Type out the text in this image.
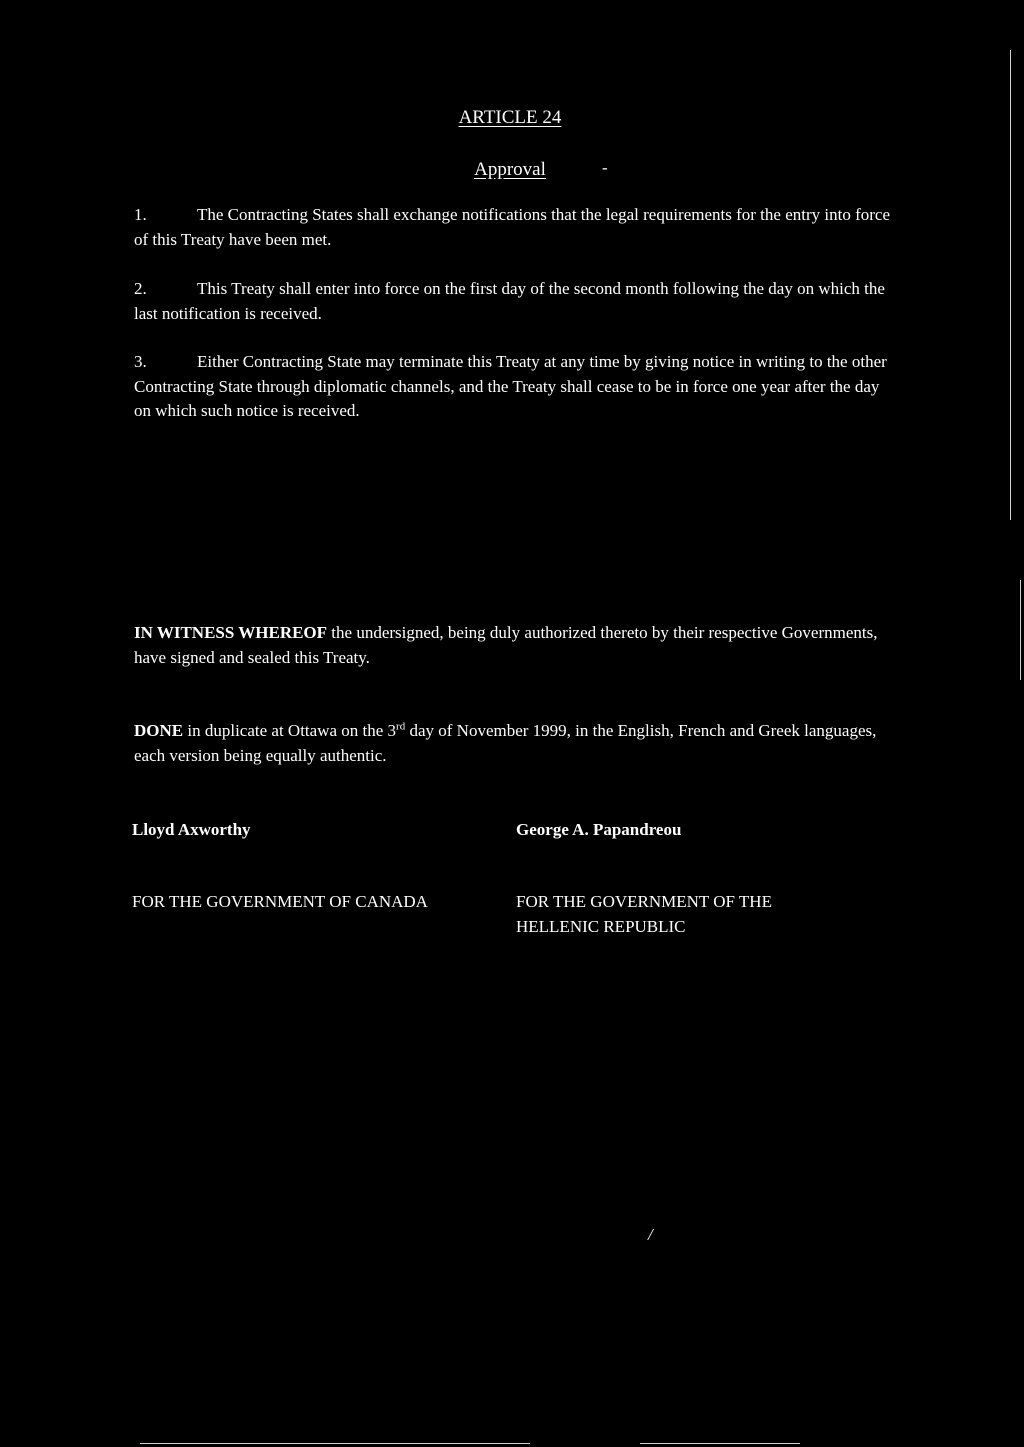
ARTICLE 24
Approval	-

1.	The Contracting States shall exchange notifications that the legal requirements for the entry into force of this Treaty have been met.

2.	This Treaty shall enter into force on the first day of the second month following the day on which the last notification is received.

3.	Either Contracting State may terminate this Treaty at any time by giving notice in writing to the other Contracting State through diplomatic channels, and the Treaty shall cease to be in force one year after the day on which such notice is received.

IN WITNESS WHEREOF the undersigned, being duly authorized thereto by their respective Governments, have signed and sealed this Treaty.

DONE in duplicate at Ottawa on the 3rd day of November 1999, in the English, French and Greek languages, each version being equally authentic.

Lloyd Axworthy	George A. Papandreou
FOR THE GOVERNMENT OF CANADA	FOR THE GOVERNMENT OF THE HELLENIC REPUBLIC
/
